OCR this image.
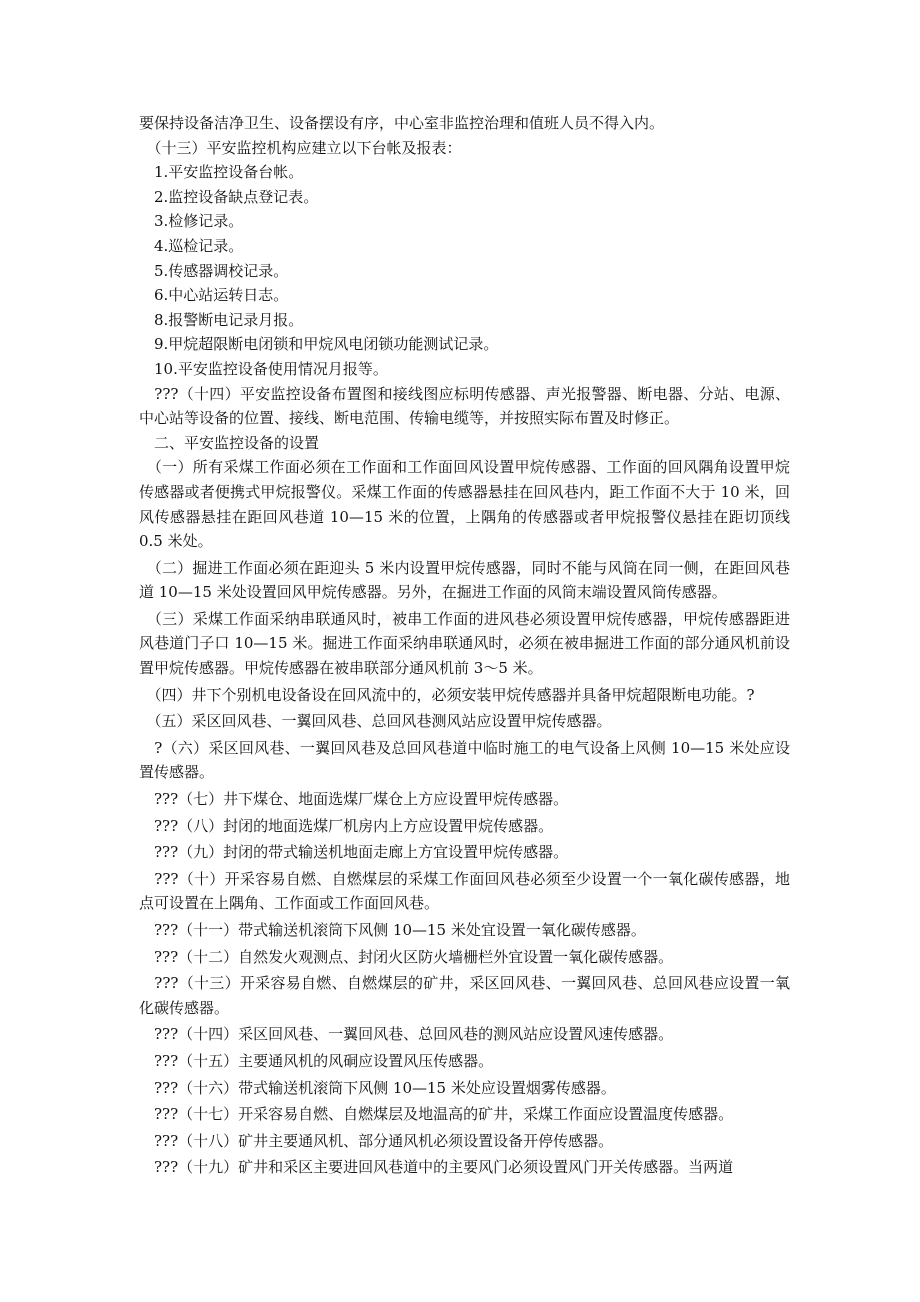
要保持设备洁净卫生、设备摆设有序，中心室非监控治理和值班人员不得入内。

　（十三）平安监控机构应建立以下台帐及报表：

　1.平安监控设备台帐。

　2.监控设备缺点登记表。

　3.检修记录。

　4.巡检记录。

　5.传感器调校记录。

　6.中心站运转日志。

　8.报警断电记录月报。

　9.甲烷超限断电闭锁和甲烷风电闭锁功能测试记录。

　10.平安监控设备使用情况月报等。

　???（十四）平安监控设备布置图和接线图应标明传感器、声光报警器、断电器、分站、电源、中心站等设备的位置、接线、断电范围、传输电缆等，并按照实际布置及时修正。

　二、平安监控设备的设置

　（一）所有采煤工作面必须在工作面和工作面回风设置甲烷传感器、工作面的回风隅角设置甲烷传感器或者便携式甲烷报警仪。采煤工作面的传感器悬挂在回风巷内，距工作面不大于 10 米，回风传感器悬挂在距回风巷道 10—15 米的位置，上隅角的传感器或者甲烷报警仪悬挂在距切顶线 0.5 米处。

　（二）掘进工作面必须在距迎头 5 米内设置甲烷传感器，同时不能与风筒在同一侧，在距回风巷道 10—15 米处设置回风甲烷传感器。另外，在掘进工作面的风筒末端设置风筒传感器。

　（三）采煤工作面采纳串联通风时，被串工作面的进风巷必须设置甲烷传感器，甲烷传感器距进风巷道门子口 10—15 米。掘进工作面采纳串联通风时，必须在被串掘进工作面的部分通风机前设置甲烷传感器。甲烷传感器在被串联部分通风机前 3～5 米。

　（四）井下个别机电设备设在回风流中的，必须安装甲烷传感器并具备甲烷超限断电功能。?

　（五）采区回风巷、一翼回风巷、总回风巷测风站应设置甲烷传感器。

　?（六）采区回风巷、一翼回风巷及总回风巷道中临时施工的电气设备上风侧 10—15 米处应设置传感器。

　???（七）井下煤仓、地面选煤厂煤仓上方应设置甲烷传感器。

　???（八）封闭的地面选煤厂机房内上方应设置甲烷传感器。

　???（九）封闭的带式输送机地面走廊上方宜设置甲烷传感器。

　???（十）开采容易自燃、自燃煤层的采煤工作面回风巷必须至少设置一个一氧化碳传感器，地点可设置在上隅角、工作面或工作面回风巷。

　???（十一）带式输送机滚筒下风侧 10—15 米处宜设置一氧化碳传感器。

　???（十二）自然发火观测点、封闭火区防火墙栅栏外宜设置一氧化碳传感器。

　???（十三）开采容易自燃、自燃煤层的矿井，采区回风巷、一翼回风巷、总回风巷应设置一氧化碳传感器。

　???（十四）采区回风巷、一翼回风巷、总回风巷的测风站应设置风速传感器。

　???（十五）主要通风机的风硐应设置风压传感器。

　???（十六）带式输送机滚筒下风侧 10—15 米处应设置烟雾传感器。

　???（十七）开采容易自燃、自燃煤层及地温高的矿井，采煤工作面应设置温度传感器。

　???（十八）矿井主要通风机、部分通风机必须设置设备开停传感器。

　???（十九）矿井和采区主要进回风巷道中的主要风门必须设置风门开关传感器。当两道
